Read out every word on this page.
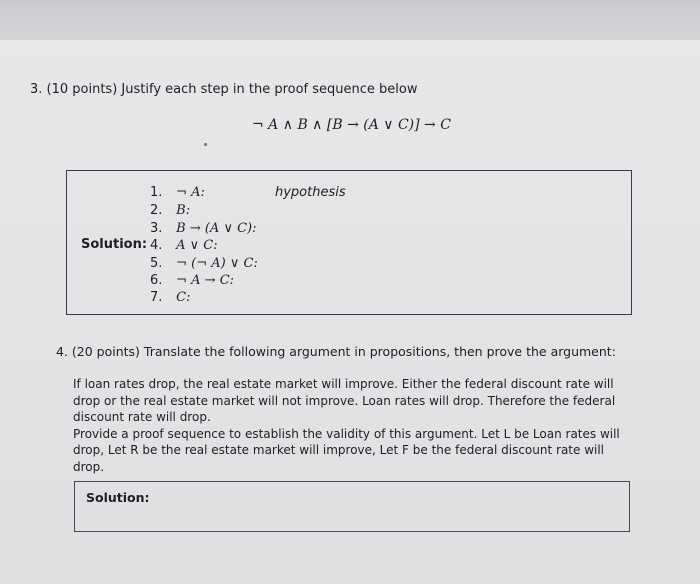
3. (10 points) Justify each step in the proof sequence below
¬ A ∧ B ∧ [B → (A ∨ C)] → C
Solution:
1. ¬ A:
2. B:
3. B → (A ∨ C):
4. A ∨ C:
5. ¬ (¬ A) ∨ C:
6. ¬ A → C:
7. C:
hypothesis
4. (20 points) Translate the following argument in propositions, then prove the argument:

If loan rates drop, the real estate market will improve. Either the federal discount rate will drop or the real estate market will not improve. Loan rates will drop. Therefore the federal discount rate will drop.

Provide a proof sequence to establish the validity of this argument. Let L be Loan rates will drop, Let R be the real estate market will improve, Let F be the federal discount rate will drop.

Solution:
